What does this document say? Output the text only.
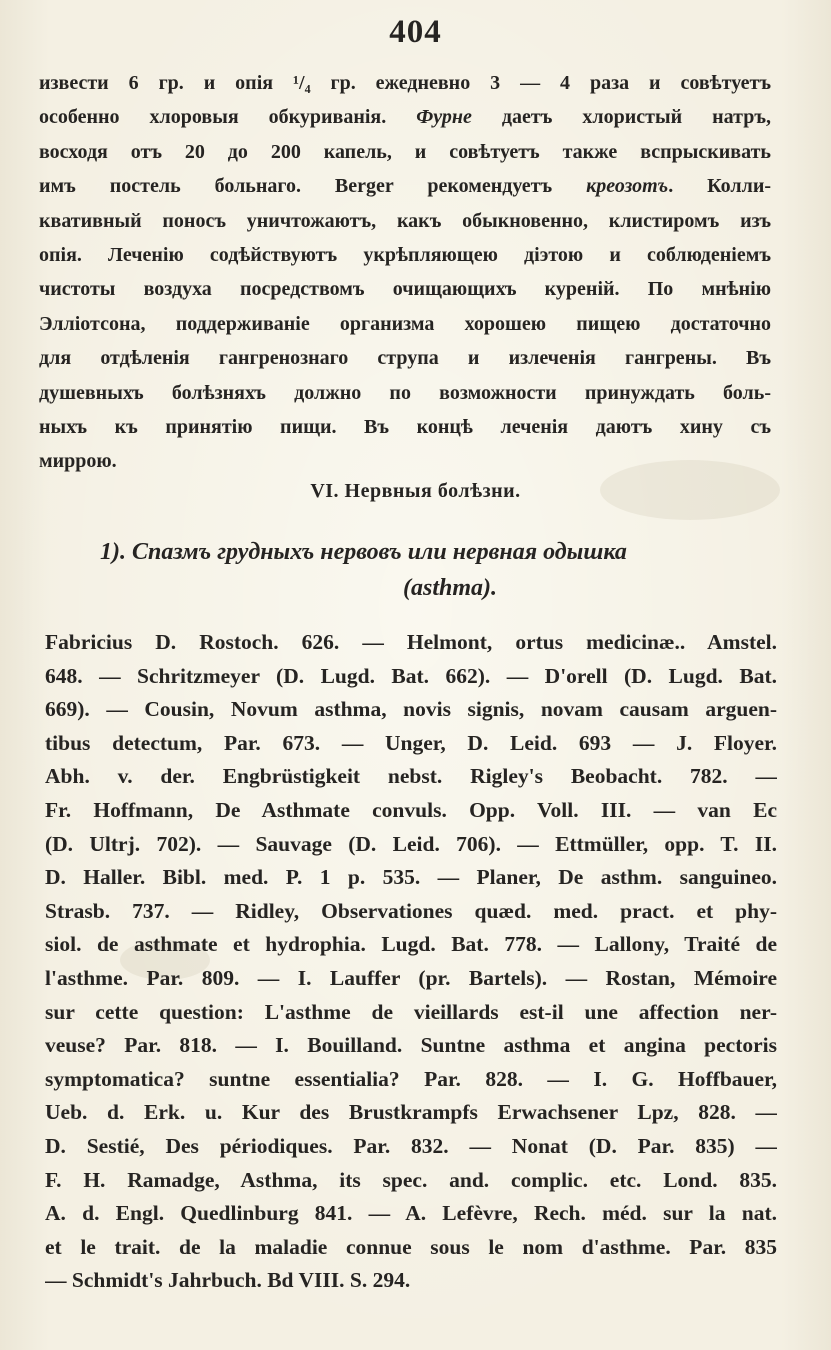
404
извести 6 гр. и опія ¹/₄ гр. ежедневно 3 — 4 раза и совѣтуетъ
особенно хлоровыя обкуриванія. Фурне даетъ хлористый натръ,
восходя отъ 20 до 200 капель, и совѣтуетъ также вспрыскивать
имъ постель больнаго. Berger рекомендуетъ креозотъ. Колли-
квативный поносъ уничтожаютъ, какъ обыкновенно, клистиромъ изъ
опія. Леченію содѣйствуютъ укрѣпляющею діэтою и соблюденіемъ
чистоты воздуха посредствомъ очищающихъ куреній. По мнѣнію
Эллiотсона, поддерживаніе организма хорошею пищею достаточно
для отдѣленія гангренознаго струпа и излеченія гангрены. Въ
душевныхъ болѣзняхъ должно по возможности принуждать боль-
ныхъ къ принятію пищи. Въ концѣ леченія даютъ хину съ
миррою.
VI. Нервныя болѣзни.
1). Спазмъ грудныхъ нервовъ или нервная одышка
(asthma).
Fabricius D. Rostoch. 626. — Helmont, ortus medicinæ.. Amstel.
648. — Schritzmeyer (D. Lugd. Bat. 662). — D'orell (D. Lugd. Bat.
669). — Cousin, Novum asthma, novis signis, novam causam arguen-
tibus detectum, Par. 673. — Unger, D. Leid. 693 — J. Floyer.
Abh. v. der. Engbrüstigkeit nebst. Rigley's Beobacht. 782. —
Fr. Hoffmann, De Asthmate convuls. Opp. Voll. III. — van Ec
(D. Ultrj. 702). — Sauvage (D. Leid. 706). — Ettmüller, opp. T. II.
D. Haller. Bibl. med. P. 1 p. 535. — Planer, De asthm. sanguineo.
Strasb. 737. — Ridley, Observationes quæd. med. pract. et phy-
siol. de asthmate et hydrophia. Lugd. Bat. 778. — Lallony, Traité de
l'asthme. Par. 809. — I. Lauffer (pr. Bartels). — Rostan, Mémoire
sur cette question: L'asthme de vieillards est-il une affection ner-
veuse? Par. 818. — I. Bouilland. Suntne asthma et angina pectoris
symptomatica? suntne essentialia? Par. 828. — I. G. Hoffbauer,
Ueb. d. Erk. u. Kur des Brustkrampfs Erwachsener Lpz, 828. —
D. Sestié, Des périodiques. Par. 832. — Nonat (D. Par. 835) —
F. H. Ramadge, Asthma, its spec. and. complic. etc. Lond. 835.
A. d. Engl. Quedlinburg 841. — A. Lefèvre, Rech. méd. sur la nat.
et le trait. de la maladie connue sous le nom d'asthme. Par. 835
— Schmidt's Jahrbuch. Bd VIII. S. 294.
